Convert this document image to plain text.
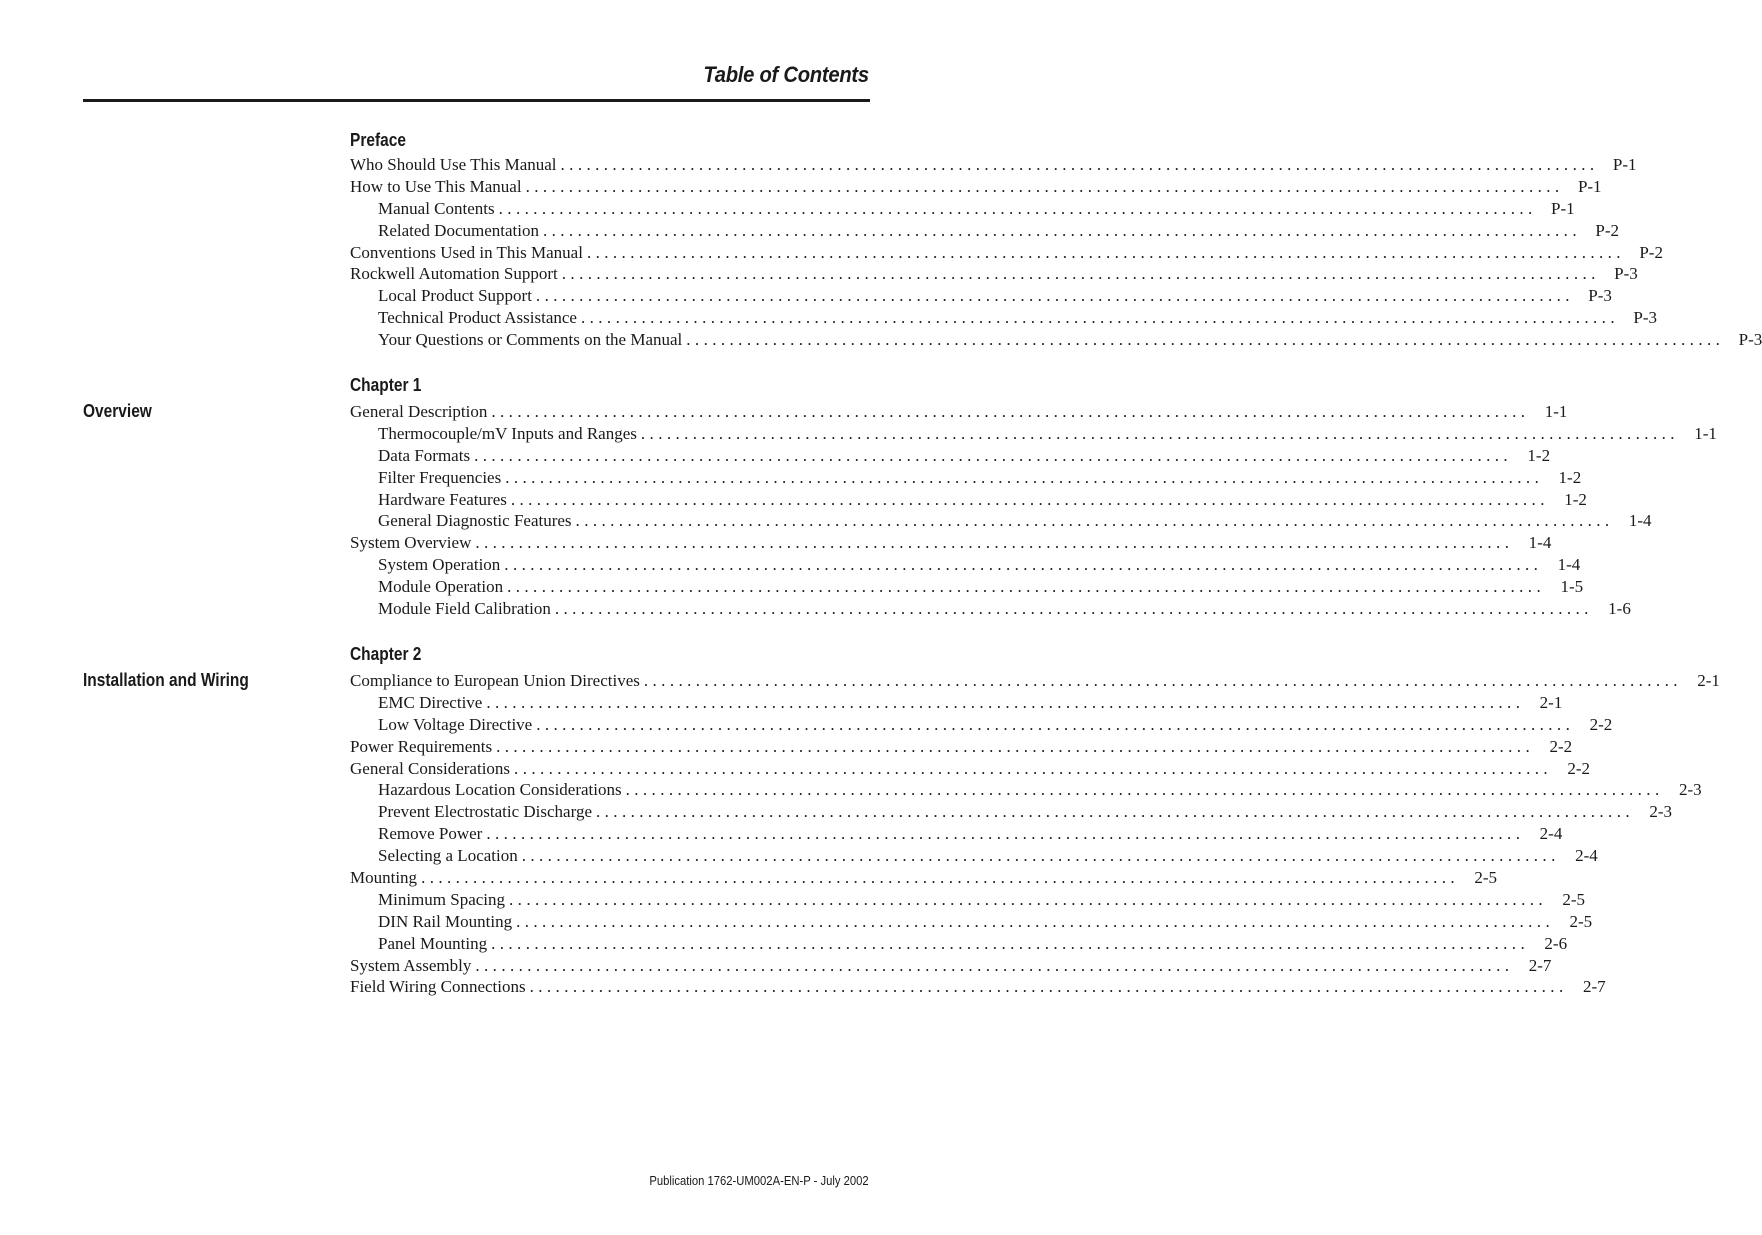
Table of Contents
Preface
Who Should Use This Manual ........................................................................................................................ P-1
How to Use This Manual ........................................................................................................................ P-1
Manual Contents ........................................................................................................................ P-1
Related Documentation ........................................................................................................................ P-2
Conventions Used in This Manual ........................................................................................................................ P-2
Rockwell Automation Support ........................................................................................................................ P-3
Local Product Support ........................................................................................................................ P-3
Technical Product Assistance ........................................................................................................................ P-3
Your Questions or Comments on the Manual ........................................................................................................................ P-3
Chapter 1
Overview	General Description ........................................................................................................................ 1-1
Thermocouple/mV Inputs and Ranges ........................................................................................................................ 1-1
Data Formats ........................................................................................................................ 1-2
Filter Frequencies ........................................................................................................................ 1-2
Hardware Features ........................................................................................................................ 1-2
General Diagnostic Features ........................................................................................................................ 1-4
System Overview ........................................................................................................................ 1-4
System Operation ........................................................................................................................ 1-4
Module Operation ........................................................................................................................ 1-5
Module Field Calibration ........................................................................................................................ 1-6
Chapter 2
Installation and Wiring	Compliance to European Union Directives ........................................................................................................................ 2-1
EMC Directive ........................................................................................................................ 2-1
Low Voltage Directive ........................................................................................................................ 2-2
Power Requirements ........................................................................................................................ 2-2
General Considerations ........................................................................................................................ 2-2
Hazardous Location Considerations ........................................................................................................................ 2-3
Prevent Electrostatic Discharge ........................................................................................................................ 2-3
Remove Power ........................................................................................................................ 2-4
Selecting a Location ........................................................................................................................ 2-4
Mounting ........................................................................................................................ 2-5
Minimum Spacing ........................................................................................................................ 2-5
DIN Rail Mounting ........................................................................................................................ 2-5
Panel Mounting ........................................................................................................................ 2-6
System Assembly ........................................................................................................................ 2-7
Field Wiring Connections ........................................................................................................................ 2-7
Publication 1762-UM002A-EN-P - July 2002
